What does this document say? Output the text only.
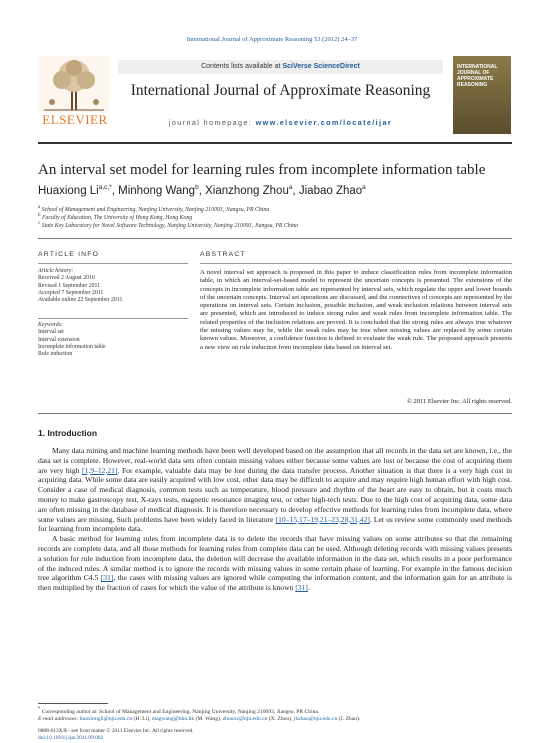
International Journal of Approximate Reasoning 53 (2012) 24–37
ELSEVIER
Contents lists available at SciVerse ScienceDirect
International Journal of Approximate Reasoning
journal homepage: www.elsevier.com/locate/ijar
INTERNATIONAL JOURNAL OF APPROXIMATE REASONING
An interval set model for learning rules from incomplete information table
Huaxiong $Li^{a,c,*}$, Minhong Wang$^b$, Xianzhong Zhou$^a$, Jiabao Zhao$^a$
$^a$ School of Management and Engineering, Nanjing University, Nanjing 210093, Jiangsu, PR China
$^b$ Faculty of Education, The University of Hong Kong, Hong Kong
$^c$ State Key Laboratory for Novel Software Technology, Nanjing University, Nanjing 210093, Jiangsu, PR China
ARTICLE INFO
Article history:
Received 2 August 2010
Revised 1 September 2011
Accepted 7 September 2011
Available online 22 September 2011
Keywords:
Interval set
Interval extension
Incomplete information table
Rule induction
ABSTRACT
A novel interval set approach is proposed in this paper to induce classification rules from incomplete information table, in which an interval-set-based model to represent the uncertain concepts is presented. The extensions of the concepts in incomplete information table are represented by interval sets, which regulate the upper and lower bounds of the uncertain concepts. Interval set operations are discussed, and the connectives of concepts are represented by the operations on interval sets. Certain inclusion, possible inclusion, and weak inclusion relations between interval sets are presented, which are introduced to induce strong rules and weak rules from incomplete information table. The related properties of the inclusion relations are proved. It is concluded that the strong rules are always true whatever the missing values may be, while the weak rules may be true when missing values are replaced by some certain known values. Moreover, a confidence function is defined to evaluate the weak rule. The proposed approach presents a new view on rule induction from incomplete data based on interval set.
© 2011 Elsevier Inc. All rights reserved.
1. Introduction

Many data mining and machine learning methods have been well developed based on the assumption that all records in the data set are known, i.e., the data set is complete. However, real-world data sets often contain missing values either because some values are lost or because the cost of acquiring them are very high [1,9–12,21]. For example, valuable data may be lost during the data transfer process. Another situation is that there is a very high cost in acquiring data. While some data are easily acquired with low cost, other data may be difficult to acquire and may require high human effort with high cost. Consider a case of medical diagnosis, common tests such as temperature, blood pressure and rhythm of the heart are easy to obtain, but it costs much money to make gastroscopy test, X-rays tests, magnetic resonance imaging test, or other high-tech tests. Due to the high cost of acquiring data, some data are often missing in the database of medical diagnosis. It is therefore necessary to develop effective methods for learning rules from incomplete data, where some values are missing. Such problems have been widely faced in literature [10–15,17–19,21–23,28,31,42]. Let us review some commonly used methods for learning from incomplete data.

A basic method for learning rules from incomplete data is to delete the records that have missing values on some attributes so that the remaining records are complete data, and all those methods for learning rules from complete data can be used. Although deleting records with missing values presents a solution for rule induction from incomplete data, the deletion will decrease the available information in the data set, which results in a poor performance of the induced rules. A similar method is to ignore the records with missing values in some certain phase of learning. For example in the famous decision tree algorithm C4.5 [31], the cases with missing values are ignored while computing the information content, and the information gain for an attribute is then multiplied by the fraction of cases for which the value of the attribute is known [31].

* Corresponding author at: School of Management and Engineering, Nanjing University, Nanjing 210093, Jiangsu, PR China.
E-mail addresses: huaxiongli@nju.edu.cn (H. Li), magwang@hku.hk (M. Wang), zhouxz@nju.edu.cn (X. Zhou), jbzhao@nju.edu.cn (J. Zhao).
0888-613X/$ - see front matter © 2011 Elsevier Inc. All rights reserved.
doi:10.1016/j.ijar.2011.09.002
